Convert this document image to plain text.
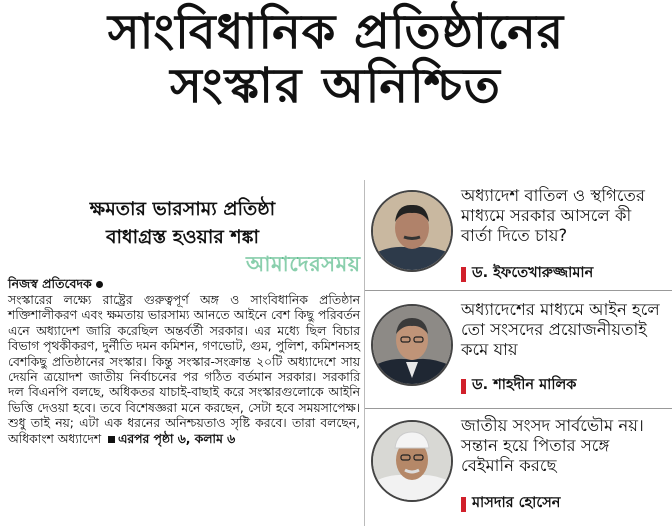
সাংবিধানিক প্রতিষ্ঠানের
সংস্কার অনিশ্চিত
ক্ষমতার ভারসাম্য প্রতিষ্ঠা
বাধাগ্রস্ত হওয়ার শঙ্কা
আমাদেরসময়
নিজস্ব প্রতিবেদক
সংস্কারের লক্ষ্যে রাষ্ট্রের গুরুত্বপূর্ণ অঙ্গ ও সাংবিধানিক প্রতিষ্ঠান শক্তিশালীকরণ এবং ক্ষমতায় ভারসাম্য আনতে আইনে বেশ কিছু পরিবর্তন এনে অধ্যাদেশ জারি করেছিল অন্তর্বর্তী সরকার। এর মধ্যে ছিল বিচার বিভাগ পৃথকীকরণ, দুর্নীতি দমন কমিশন, গণভোট, গুম, পুলিশ, কমিশনসহ বেশকিছু প্রতিষ্ঠানের সংস্কার। কিন্তু সংস্কার-সংক্রান্ত ২০টি অধ্যাদেশে সায় দেয়নি ত্রয়োদশ জাতীয় নির্বাচনের পর গঠিত বর্তমান সরকার। সরকারি দল বিএনপি বলছে, অধিকতর যাচাই-বাছাই করে সংস্কারগুলোকে আইনি ভিত্তি দেওয়া হবে। তবে বিশেষজ্ঞরা মনে করছেন, সেটা হবে সময়সাপেক্ষ। শুধু তাই নয়; এটা এক ধরনের অনিশ্চয়তাও সৃষ্টি করবে। তারা বলছেন, অধিকাংশ অধ্যাদেশ এরপর পৃষ্ঠা ৬, কলাম ৬
অধ্যাদেশ বাতিল ও স্থগিতের মাধ্যমে সরকার আসলে কী বার্তা দিতে চায়?
ড. ইফতেখারুজ্জামান
অধ্যাদেশের মাধ্যমে আইন হলে তো সংসদের প্রয়োজনীয়তাই কমে যায়
ড. শাহদীন মালিক
জাতীয় সংসদ সার্বভৌম নয়। সন্তান হয়ে পিতার সঙ্গে বেইমানি করছে
মাসদার হোসেন
